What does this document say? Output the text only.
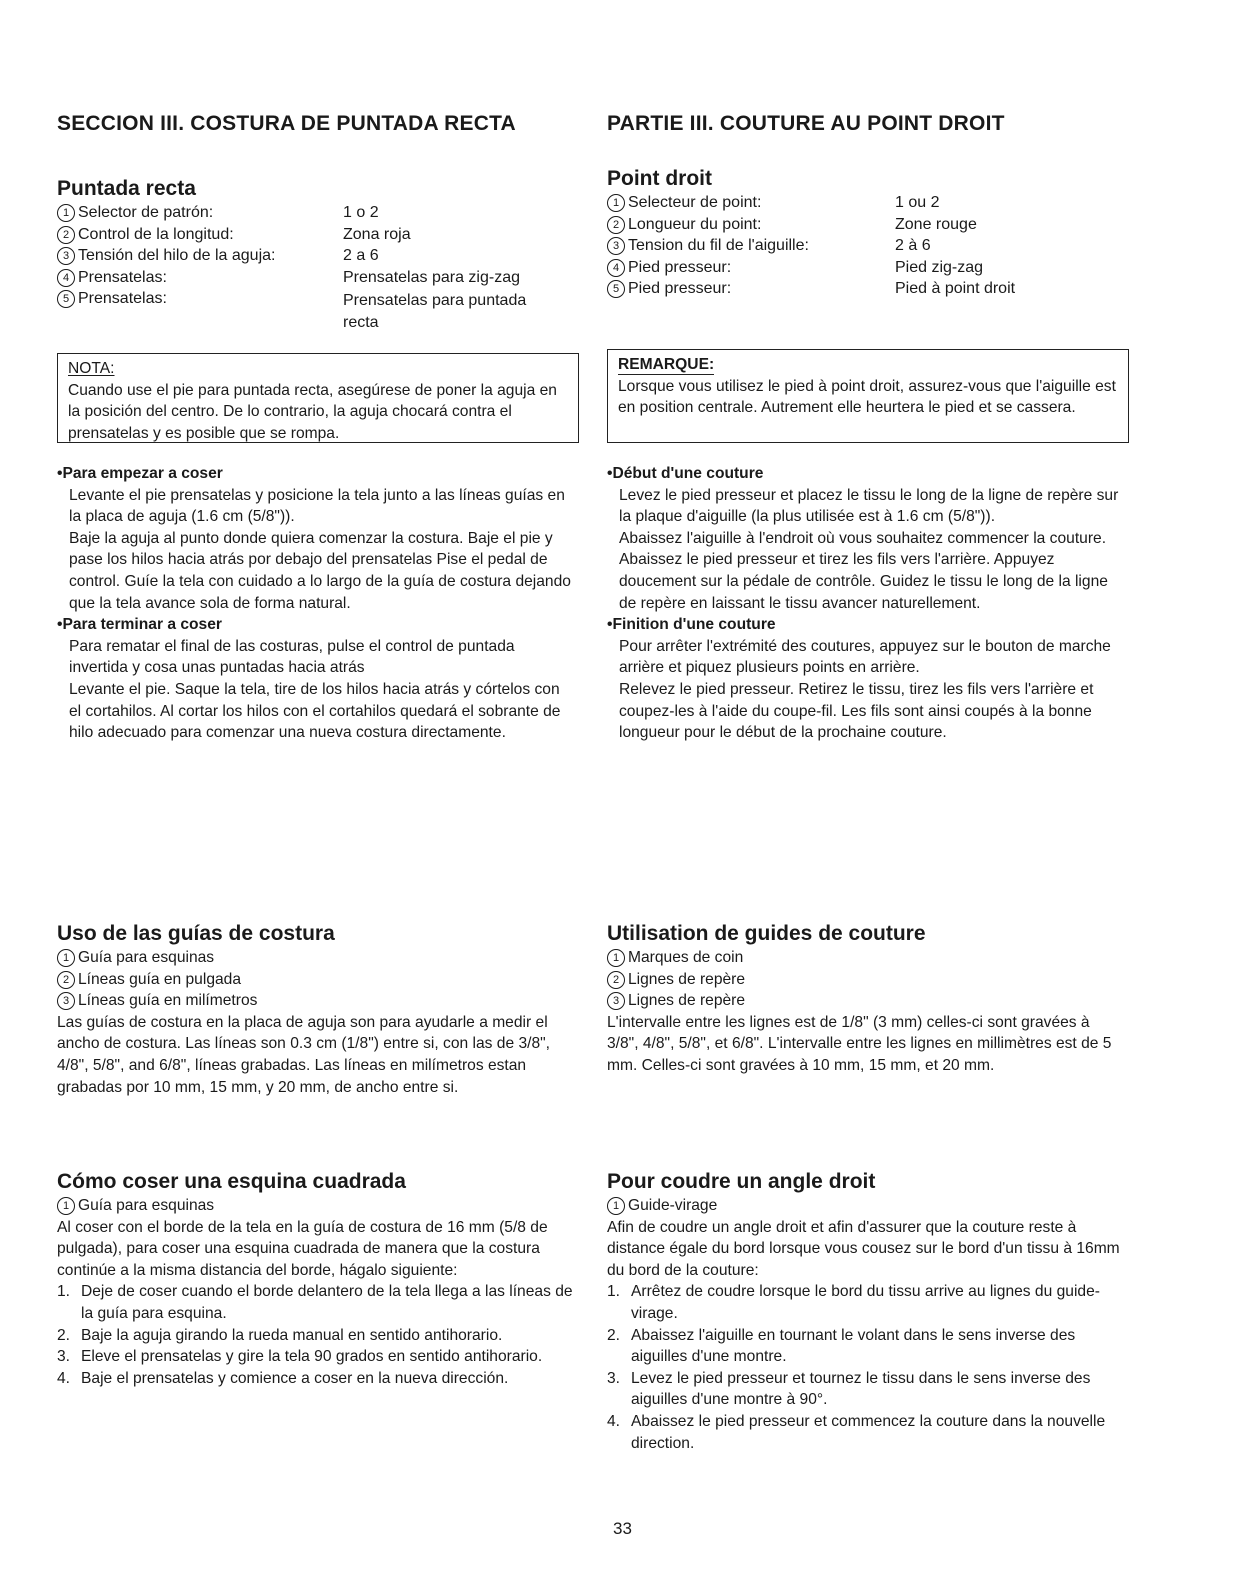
SECCION III. COSTURA DE PUNTADA RECTA	PARTIE III. COUTURE AU POINT DROIT
Puntada recta
1 Selector de patrón:	1 o 2
2 Control de la longitud:	Zona roja
3 Tensión del hilo de la aguja:	2 a 6
4 Prensatelas:	Prensatelas para zig-zag
5 Prensatelas:	Prensatelas para puntada recta
Point droit
1 Selecteur de point:	1 ou 2
2 Longueur du point:	Zone rouge
3 Tension du fil de l'aiguille:	2 à 6
4 Pied presseur:	Pied zig-zag
5 Pied presseur:	Pied à point droit
NOTA:
Cuando use el pie para puntada recta, asegúrese de poner la aguja en la posición del centro. De lo contrario, la aguja chocará contra el prensatelas y es posible que se rompa.
REMARQUE:
Lorsque vous utilisez le pied à point droit, assurez-vous que l'aiguille est en position centrale. Autrement elle heurtera le pied et se cassera.
• Para empezar a coser
Levante el pie prensatelas y posicione la tela junto a las líneas guías en la placa de aguja (1.6 cm (5/8")).
Baje la aguja al punto donde quiera comenzar la costura. Baje el pie y pase los hilos hacia atrás por debajo del prensatelas Pise el pedal de control. Guíe la tela con cuidado a lo largo de la guía de costura dejando que la tela avance sola de forma natural.
• Para terminar a coser
Para rematar el final de las costuras, pulse el control de puntada invertida y cosa unas puntadas hacia atrás
Levante el pie. Saque la tela, tire de los hilos hacia atrás y córtelos con el cortahilos. Al cortar los hilos con el cortahilos quedará el sobrante de hilo adecuado para comenzar una nueva costura directamente.
• Début d'une couture
Levez le pied presseur et placez le tissu le long de la ligne de repère sur la plaque d'aiguille (la plus utilisée est à 1.6 cm (5/8")).
Abaissez l'aiguille à l'endroit où vous souhaitez commencer la couture. Abaissez le pied presseur et tirez les fils vers l'arrière. Appuyez doucement sur la pédale de contrôle. Guidez le tissu le long de la ligne de repère en laissant le tissu avancer naturellement.
• Finition d'une couture
Pour arrêter l'extrémité des coutures, appuyez sur le bouton de marche arrière et piquez plusieurs points en arrière.
Relevez le pied presseur. Retirez le tissu, tirez les fils vers l'arrière et coupez-les à l'aide du coupe-fil. Les fils sont ainsi coupés à la bonne longueur pour le début de la prochaine couture.
Uso de las guías de costura
1 Guía para esquinas
2 Líneas guía en pulgada
3 Líneas guía en milímetros
Las guías de costura en la placa de aguja son para ayudarle a medir el ancho de costura. Las líneas son 0.3 cm (1/8") entre si, con las de 3/8", 4/8", 5/8", and 6/8", líneas grabadas. Las líneas en milímetros estan grabadas por 10 mm, 15 mm, y 20 mm, de ancho entre si.
Utilisation de guides de couture
1 Marques de coin
2 Lignes de repère
3 Lignes de repère
L'intervalle entre les lignes est de 1/8" (3 mm) celles-ci sont gravées à 3/8", 4/8", 5/8", et 6/8". L'intervalle entre les lignes en millimètres est de 5 mm. Celles-ci sont gravées à 10 mm, 15 mm, et 20 mm.
Cómo coser una esquina cuadrada
1 Guía para esquinas
Al coser con el borde de la tela en la guía de costura de 16 mm (5/8 de pulgada), para coser una esquina cuadrada de manera que la costura continúe a la misma distancia del borde, hágalo siguiente:
1. Deje de coser cuando el borde delantero de la tela llega a las líneas de la guía para esquina.
2. Baje la aguja girando la rueda manual en sentido antihorario.
3. Eleve el prensatelas y gire la tela 90 grados en sentido antihorario.
4. Baje el prensatelas y comience a coser en la nueva dirección.
Pour coudre un angle droit
1 Guide-virage
Afin de coudre un angle droit et afin d'assurer que la couture reste à distance égale du bord lorsque vous cousez sur le bord d'un tissu à 16mm du bord de la couture:
1. Arrêtez de coudre lorsque le bord du tissu arrive au lignes du guide-virage.
2. Abaissez l'aiguille en tournant le volant dans le sens inverse des aiguilles d'une montre.
3. Levez le pied presseur et tournez le tissu dans le sens inverse des aiguilles d'une montre à 90°.
4. Abaissez le pied presseur et commencez la couture dans la nouvelle direction.
33
